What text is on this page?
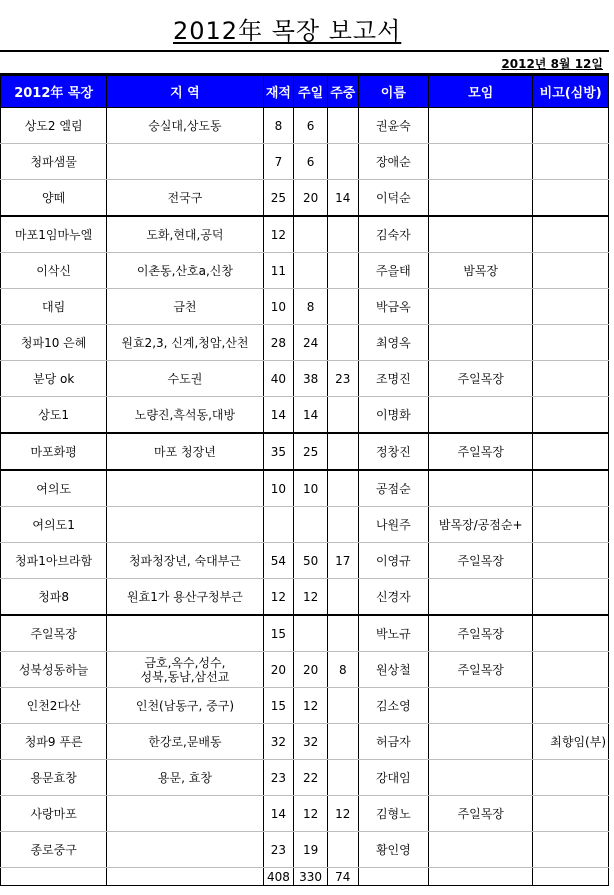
2012年 목장 보고서
2012년 8월 12일
2012年 목장	지 역	재적	주일	주중	이름	모임	비고(심방)
상도2 엘림	숭실대,상도동	8	6		권윤숙		
청파샘물		7	6		장애순		
양떼	전국구	25	20	14	이덕순		
마포1임마누엘	도화,현대,공덕	12			김숙자		
이삭신	이촌동,산호a,신창	11			주을태	밤목장	
대림	금천	10	8		박금옥		
청파10 은혜	원효2,3, 신계,청암,산천	28	24		최영옥		
분당 ok	수도권	40	38	23	조명진	주일목장	
상도1	노량진,흑석동,대방	14	14		이명화		
마포화평	마포 청장년	35	25		정창진	주일목장	
여의도		10	10		공점순		
여의도1					나원주	밤목장/공점순+	
청파1아브라함	청파청장년, 숙대부근	54	50	17	이영규	주일목장	
청파8	원효1가 용산구청부근	12	12		신경자		
주일목장		15			박노규	주일목장	
성북성동하늘	금호,옥수,성수,
성북,동남,삼선교	20	20	8	원상철	주일목장	
인천2다산	인천(남동구, 중구)	15	12		김소영		
청파9 푸른	한강로,문배동	32	32		허금자		최향임(부)
용문효창	용문, 효창	23	22		강대임		
사랑마포		14	12	12	김형노	주일목장	
종로중구		23	19		황인영		
		408	330	74			
